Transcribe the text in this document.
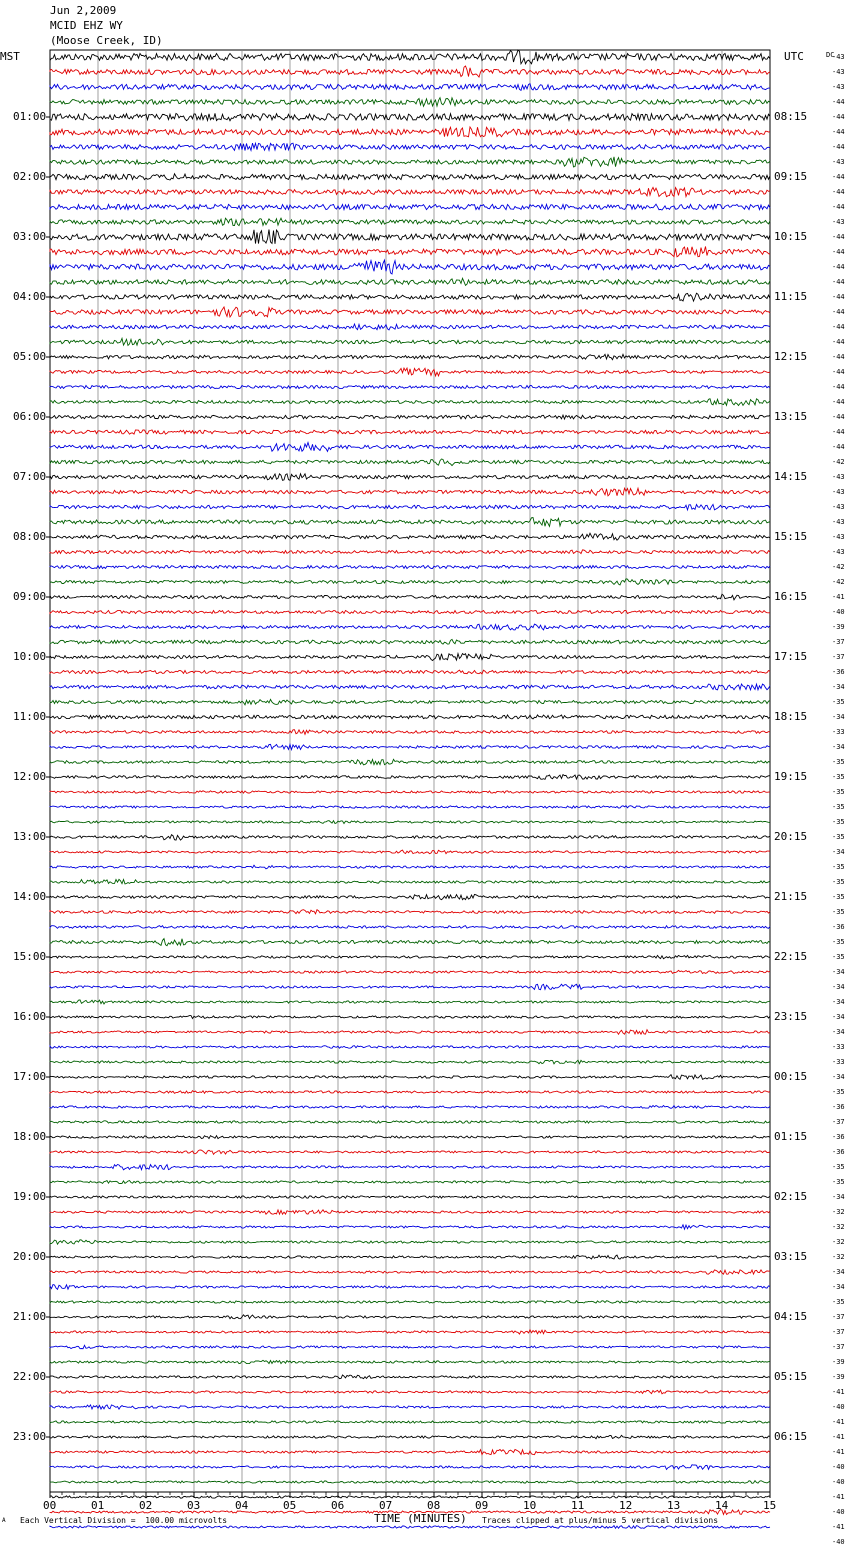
Jun 2,2009
MCID EHZ WY
(Moose Creek, ID)
MST	UTC	DC
01:00
02:00
03:00
04:00
05:00
06:00
07:00
08:00
09:00
10:00
11:00
12:00
13:00
14:00
15:00
16:00
17:00
18:00
19:00
20:00
21:00
22:00
23:00
08:15
09:15
10:15
11:15
12:15
13:15
14:15
15:15
16:15
17:15
18:15
19:15
20:15
21:15
22:15
23:15
00:15
01:15
02:15
03:15
04:15
05:15
06:15
-43
-43
-43
-44
-44
-44
-44
-43
-44
-44
-44
-43
-44
-44
-44
-44
-44
-44
-44
-44
-44
-44
-44
-44
-44
-44
-44
-42
-43
-43
-43
-43
-43
-43
-42
-42
-41
-40
-39
-37
-37
-36
-34
-35
-34
-33
-34
-35
-35
-35
-35
-35
-35
-34
-35
-35
-35
-35
-36
-35
-35
-34
-34
-34
-34
-34
-33
-33
-34
-35
-36
-37
-36
-36
-35
-35
-34
-32
-32
-32
-32
-34
-34
-35
-37
-37
-37
-39
-39
-41
-40
-41
-41
-41
-40
-40
-41
-40
-41
-40
00	01	02	03	04	05	06	07	08	09	10	11	12	13	14	15
TIME (MINUTES)
A Each Vertical Division =  100.00 microvolts	Traces clipped at plus/minus 5 vertical divisions
